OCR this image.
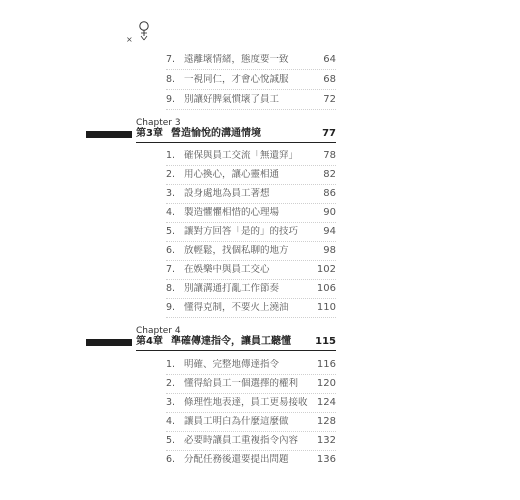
×
7. 遠離壞情緒，態度要一致	64
8. 一視同仁，才會心悅誠服	68
9. 別讓好脾氣慣壞了員工	72
Chapter 3
第3章 營造愉悅的溝通情境	77
1. 確保與員工交流「無遺穽」	78
2. 用心換心，讓心靈相通	82
3. 設身處地為員工著想	86
4. 製造懼懼相惜的心理場	90
5. 讓對方回答「是的」的技巧	94
6. 放輕鬆，找個私聊的地方	98
7. 在娛樂中與員工交心	102
8. 別讓溝通打亂工作節奏	106
9. 懂得克制，不要火上澆油	110
Chapter 4
第4章 準確傳達指令，讓員工聽懂	115
1. 明確、完整地傳達指令	116
2. 懂得給員工一個選擇的權利	120
3. 條理性地表達，員工更易接收 124
4. 讓員工明白為什麼這麼做	128
5. 必要時讓員工重複指令內容	132
6. 分配任務後還要提出問題	136
